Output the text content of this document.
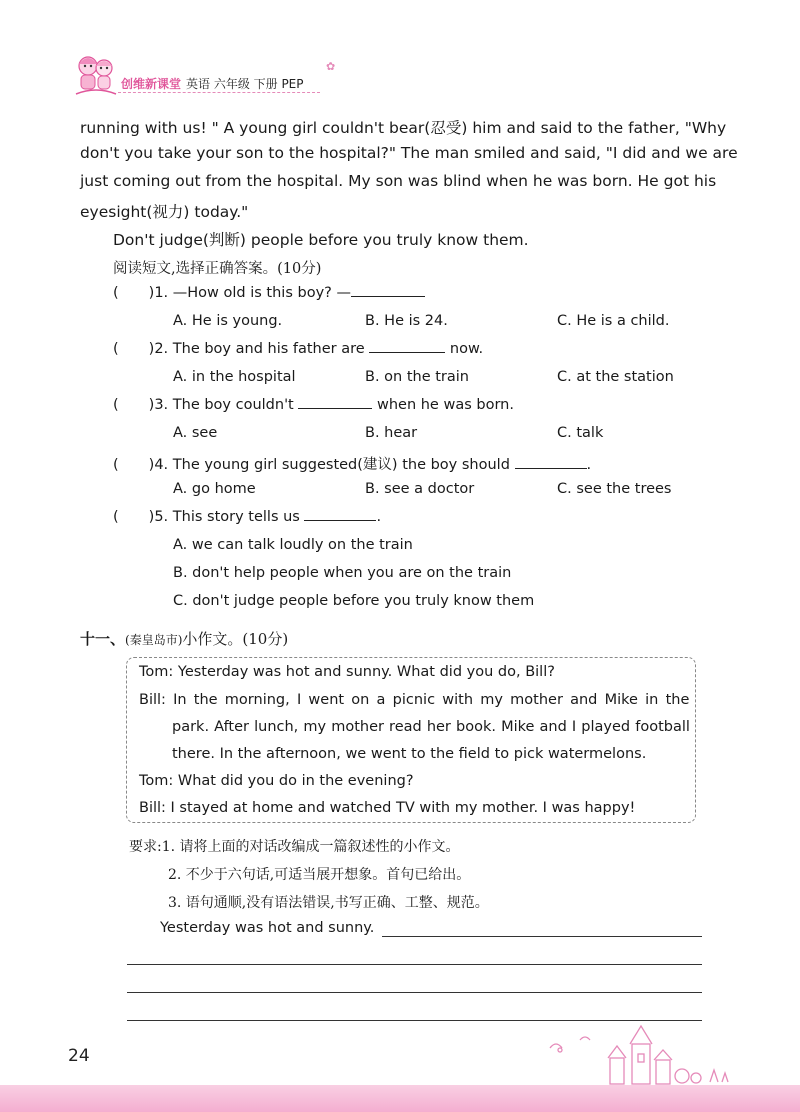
创维新课堂 英语 六年级 下册 PEP
✿
running with us! " A young girl couldn't bear(忍受) him and said to the father, "Why
don't you take your son to the hospital?" The man smiled and said, "I did and we are
just coming out from the hospital. My son was blind when he was born. He got his
eyesight(视力) today."
Don't judge(判断) people before you truly know them.
阅读短文,选择正确答案。(10分)
( )1. —How old is this boy? —
A. He is young.	B. He is 24.	C. He is a child.
( )2. The boy and his father are	now.
A. in the hospital	B. on the train	C. at the station
( )3. The boy couldn't	when he was born.
A. see	B. hear	C. talk
( )4. The young girl suggested(建议) the boy should	.
A. go home	B. see a doctor	C. see the trees
( )5. This story tells us	.
A. we can talk loudly on the train
B. don't help people when you are on the train
C. don't judge people before you truly know them
十一、(秦皇岛市)小作文。(10分)
Tom: Yesterday was hot and sunny. What did you do, Bill?
Bill: In the morning, I went on a picnic with my mother and Mike in the
park. After lunch, my mother read her book. Mike and I played football
there. In the afternoon, we went to the field to pick watermelons.
Tom: What did you do in the evening?
Bill: I stayed at home and watched TV with my mother. I was happy!
要求:1. 请将上面的对话改编成一篇叙述性的小作文。
2. 不少于六句话,可适当展开想象。首句已给出。
3. 语句通顺,没有语法错误,书写正确、工整、规范。
Yesterday was hot and sunny.
24
